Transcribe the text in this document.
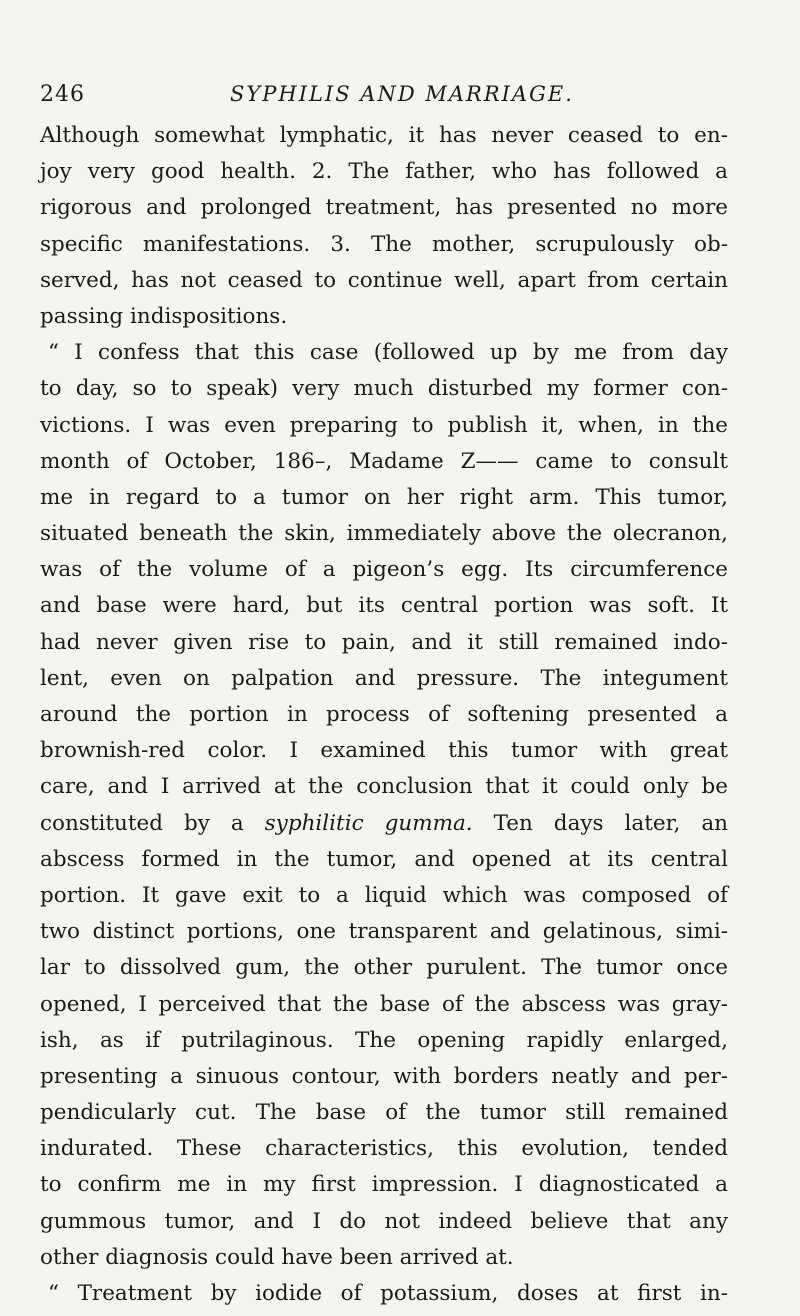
246	SYPHILIS AND MARRIAGE.
Although somewhat lymphatic, it has never ceased to en-
joy very good health. 2. The father, who has followed a
rigorous and prolonged treatment, has presented no more
specific manifestations. 3. The mother, scrupulously ob-
served, has not ceased to continue well, apart from certain
passing indispositions.
“ I confess that this case (followed up by me from day
to day, so to speak) very much disturbed my former con-
victions. I was even preparing to publish it, when, in the
month of October, 186–, Madame Z—— came to consult
me in regard to a tumor on her right arm. This tumor,
situated beneath the skin, immediately above the olecranon,
was of the volume of a pigeon’s egg. Its circumference
and base were hard, but its central portion was soft. It
had never given rise to pain, and it still remained indo-
lent, even on palpation and pressure. The integument
around the portion in process of softening presented a
brownish-red color. I examined this tumor with great
care, and I arrived at the conclusion that it could only be
constituted by a syphilitic gumma. Ten days later, an
abscess formed in the tumor, and opened at its central
portion. It gave exit to a liquid which was composed of
two distinct portions, one transparent and gelatinous, simi-
lar to dissolved gum, the other purulent. The tumor once
opened, I perceived that the base of the abscess was gray-
ish, as if putrilaginous. The opening rapidly enlarged,
presenting a sinuous contour, with borders neatly and per-
pendicularly cut. The base of the tumor still remained
indurated. These characteristics, this evolution, tended
to confirm me in my first impression. I diagnosticated a
gummous tumor, and I do not indeed believe that any
other diagnosis could have been arrived at.
“ Treatment by iodide of potassium, doses at first in-
